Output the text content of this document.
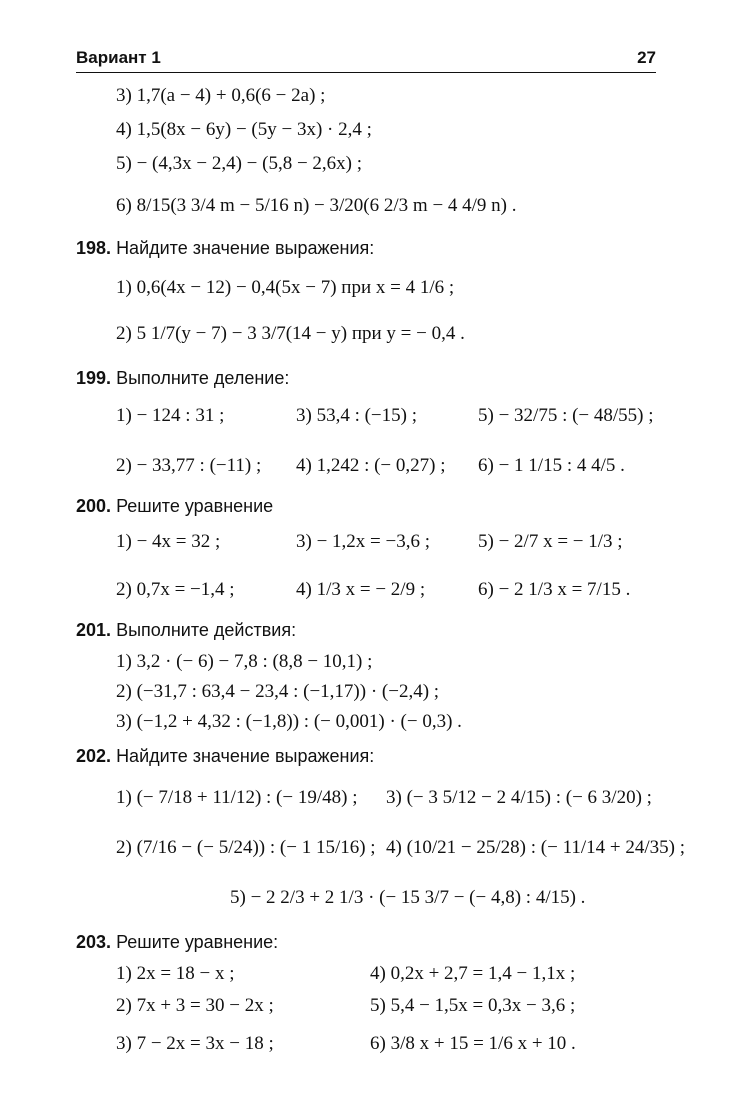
Вариант 1	27
3) 1,7(a − 4) + 0,6(6 − 2a) ;
4) 1,5(8x − 6y) − (5y − 3x) · 2,4 ;
5) − (4,3x − 2,4) − (5,8 − 2,6x) ;
6) 8/15(3 3/4 m − 5/16 n) − 3/20(6 2/3 m − 4 4/9 n) .
198. Найдите значение выражения:
1) 0,6(4x − 12) − 0,4(5x − 7) при x = 4 1/6 ;
2) 5 1/7(y − 7) − 3 3/7(14 − y) при y = − 0,4 .
199. Выполните деление:
1) − 124 : 31 ;	3) 53,4 : (−15) ;	5) − 32/75 : (− 48/55) ;
2) − 33,77 : (−11) ; 4) 1,242 : (− 0,27) ; 6) − 1 1/15 : 4 4/5 .
200. Решите уравнение
1) − 4x = 32 ;	3) − 1,2x = −3,6 ;	5) − 2/7 x = − 1/3 ;
2) 0,7x = −1,4 ;	4) 1/3 x = − 2/9 ;	6) − 2 1/3 x = 7/15 .
201. Выполните действия:
1) 3,2 · (− 6) − 7,8 : (8,8 − 10,1) ;
2) (−31,7 : 63,4 − 23,4 : (−1,17)) · (−2,4) ;
3) (−1,2 + 4,32 : (−1,8)) : (− 0,001) · (− 0,3) .
202. Найдите значение выражения:
1) (− 7/18 + 11/12) : (− 19/48) ; 3) (− 3 5/12 − 2 4/15) : (− 6 3/20) ;
2) (7/16 − (− 5/24)) : (− 1 15/16) ; 4) (10/21 − 25/28) : (− 11/14 + 24/35) ;
5) − 2 2/3 + 2 1/3 · (− 15 3/7 − (− 4,8) : 4/15) .
203. Решите уравнение:
1) 2x = 18 − x ;	4) 0,2x + 2,7 = 1,4 − 1,1x ;
2) 7x + 3 = 30 − 2x ;	5) 5,4 − 1,5x = 0,3x − 3,6 ;
3) 7 − 2x = 3x − 18 ;	6) 3/8 x + 15 = 1/6 x + 10 .
